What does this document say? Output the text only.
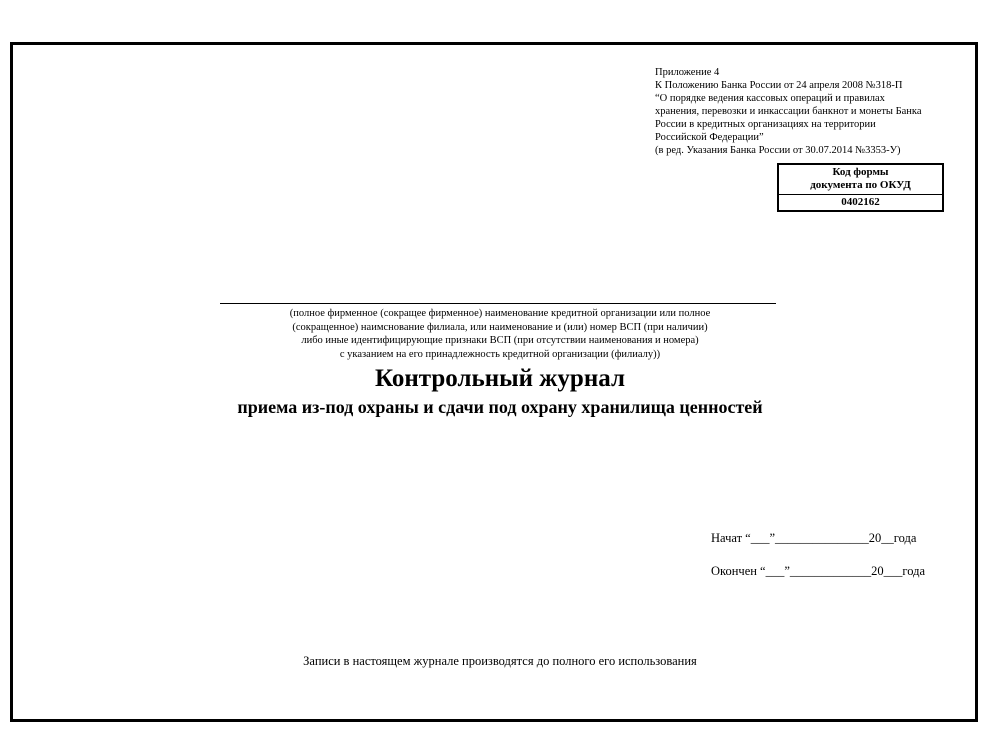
Приложение 4
К Положению Банка России от 24 апреля 2008 №318-П
“О порядке ведения кассовых операций и правилах
хранения, перевозки и инкассации банкнот и монеты Банка
России в кредитных организациях на территории
Российской Федерации”
(в ред. Указания Банка России от 30.07.2014 №3353-У)
Код формы
документа по ОКУД
0402162
(полное фирменное (сокращее фирменное) наименование кредитной организации или полное
(сокращенное) наимснование филиала, или наименование и (или) номер ВСП (при наличии)
либо иные идентифицирующие признаки ВСП (при отсутствии наименования и номера)
с указанием на его принадлежность кредитной организации (филиалу))
Контрольный журнал
приема из-под охраны и сдачи под охрану хранилища ценностей
Начат “___”_______________20__года
Окончен “___”_____________20___года
Записи в настоящем журнале производятся до полного его использования
